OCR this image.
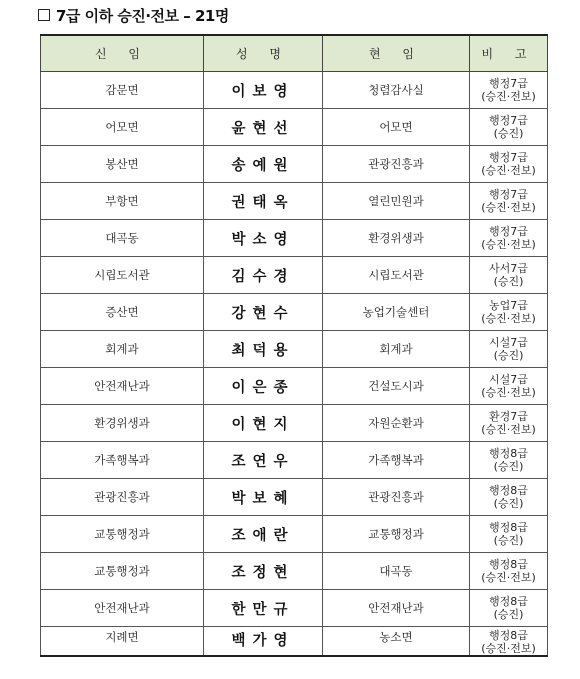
7급 이하 승진·전보 – 21명
신 임	성 명	현 임	비 고
감문면	이보영	청렴감사실	행정7급
(승진·전보)

어모면	윤현선	어모면	행정7급
(승진)

봉산면	송예원	관광진흥과	행정7급
(승진·전보)

부항면	권태옥	열린민원과	행정7급
(승진·전보)

대곡동	박소영	환경위생과	행정7급
(승진·전보)

시립도서관	김수경	시립도서관	사서7급
(승진)

증산면	강현수	농업기술센터	농업7급
(승진·전보)

회계과	최덕용	회계과	시설7급
(승진)

안전재난과	이은종	건설도시과	시설7급
(승진·전보)

환경위생과	이현지	자원순환과	환경7급
(승진·전보)

가족행복과	조연우	가족행복과	행정8급
(승진)

관광진흥과	박보혜	관광진흥과	행정8급
(승진)

교통행정과	조애란	교통행정과	행정8급
(승진)

교통행정과	조정현	대곡동	행정8급
(승진·전보)

안전재난과	한만규	안전재난과	행정8급
(승진)

지례면	백가영	농소면	행정8급
(승진·전보)
